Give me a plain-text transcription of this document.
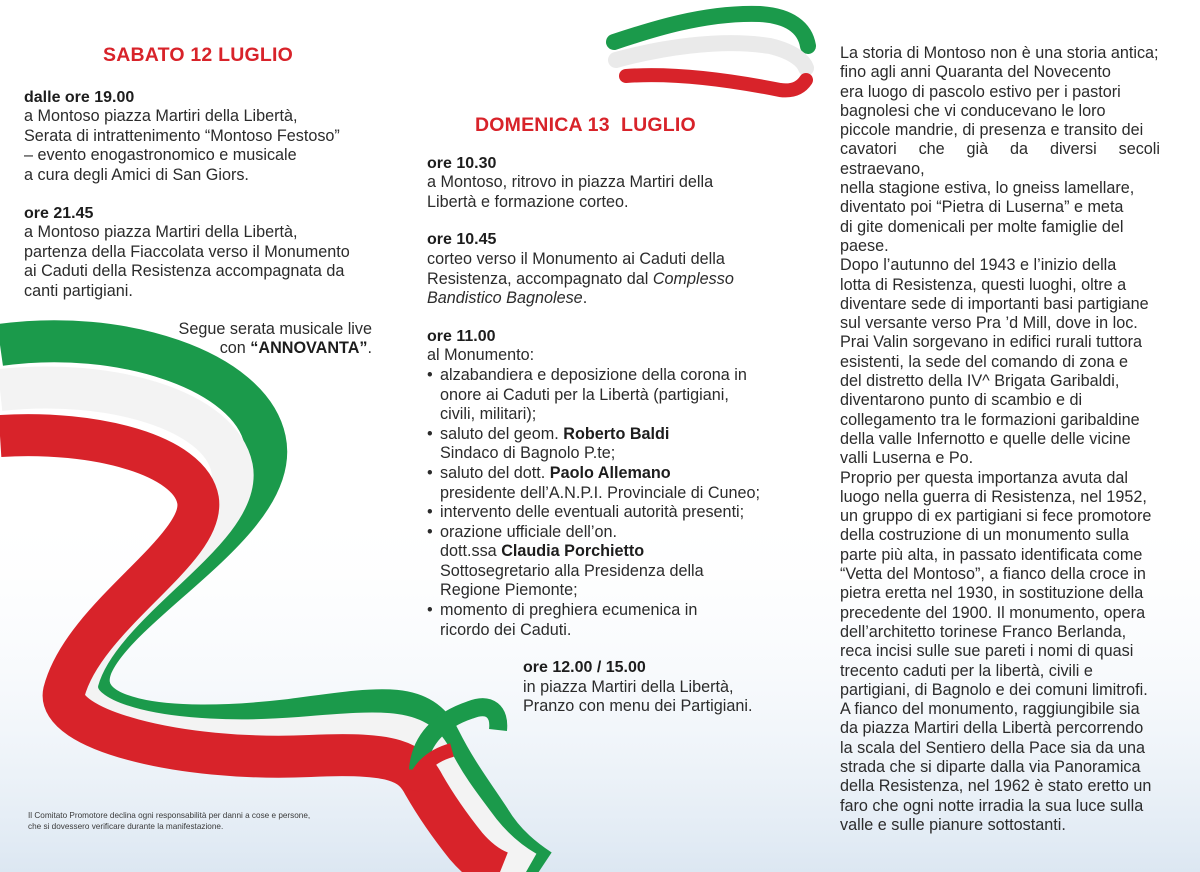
SABATO 12 LUGLIO
dalle ore 19.00

a Montoso piazza Martiri della Libertà,

Serata di intrattenimento “Montoso Festoso”

– evento enogastronomico e musicale

a cura degli Amici di San Giors.

ore 21.45

a Montoso piazza Martiri della Libertà,

partenza della Fiaccolata verso il Monumento

ai Caduti della Resistenza accompagnata da

canti partigiani.

Segue serata musicale live

con “ANNOVANTA”.

Il Comitato Promotore declina ogni responsabilità per danni a cose e persone,
che si dovessero verificare durante la manifestazione.
DOMENICA 13  LUGLIO
ore 10.30

a Montoso, ritrovo in piazza Martiri della

Libertà e formazione corteo.

ore 10.45

corteo verso il Monumento ai Caduti della

Resistenza, accompagnato dal Complesso

Bandistico Bagnolese.

ore 11.00

al Monumento:

• alzabandiera e deposizione della corona in
onore ai Caduti per la Libertà (partigiani,
civili, militari);
• saluto del geom. Roberto Baldi
Sindaco di Bagnolo P.te;
• saluto del dott. Paolo Allemano
presidente dell’A.N.P.I. Provinciale di Cuneo;
• intervento delle eventuali autorità presenti;
• orazione ufficiale dell’on.
dott.ssa Claudia Porchietto
Sottosegretario alla Presidenza della
Regione Piemonte;
• momento di preghiera ecumenica in
ricordo dei Caduti.
ore 12.00 / 15.00

in piazza Martiri della Libertà,

Pranzo con menu dei Partigiani.

La storia di Montoso non è una storia antica;

fino agli anni Quaranta del Novecento

era luogo di pascolo estivo per i pastori

bagnolesi che vi conducevano le loro

piccole mandrie, di presenza e transito dei

cavatori che già da diversi secoli estraevano,

nella stagione estiva, lo gneiss lamellare,

diventato poi “Pietra di Luserna” e meta

di gite domenicali per molte famiglie del

paese.

Dopo l’autunno del 1943 e l’inizio della

lotta di Resistenza, questi luoghi, oltre a

diventare sede di importanti basi partigiane

sul versante verso Pra ’d Mill, dove in loc.

Prai Valin sorgevano in edifici rurali tuttora

esistenti, la sede del comando di zona e

del distretto della IV^ Brigata Garibaldi,

diventarono punto di scambio e di

collegamento tra le formazioni garibaldine

della valle Infernotto e quelle delle vicine

valli Luserna e Po.

Proprio per questa importanza avuta dal

luogo nella guerra di Resistenza, nel 1952,

un gruppo di ex partigiani si fece promotore

della costruzione di un monumento sulla

parte più alta, in passato identificata come

“Vetta del Montoso”, a fianco della croce in

pietra eretta nel 1930, in sostituzione della

precedente del 1900. Il monumento, opera

dell’architetto torinese Franco Berlanda,

reca incisi sulle sue pareti i nomi di quasi

trecento caduti per la libertà, civili e

partigiani, di Bagnolo e dei comuni limitrofi.

A fianco del monumento, raggiungibile sia

da piazza Martiri della Libertà percorrendo

la scala del Sentiero della Pace sia da una

strada che si diparte dalla via Panoramica

della Resistenza, nel 1962 è stato eretto un

faro che ogni notte irradia la sua luce sulla

valle e sulle pianure sottostanti.
